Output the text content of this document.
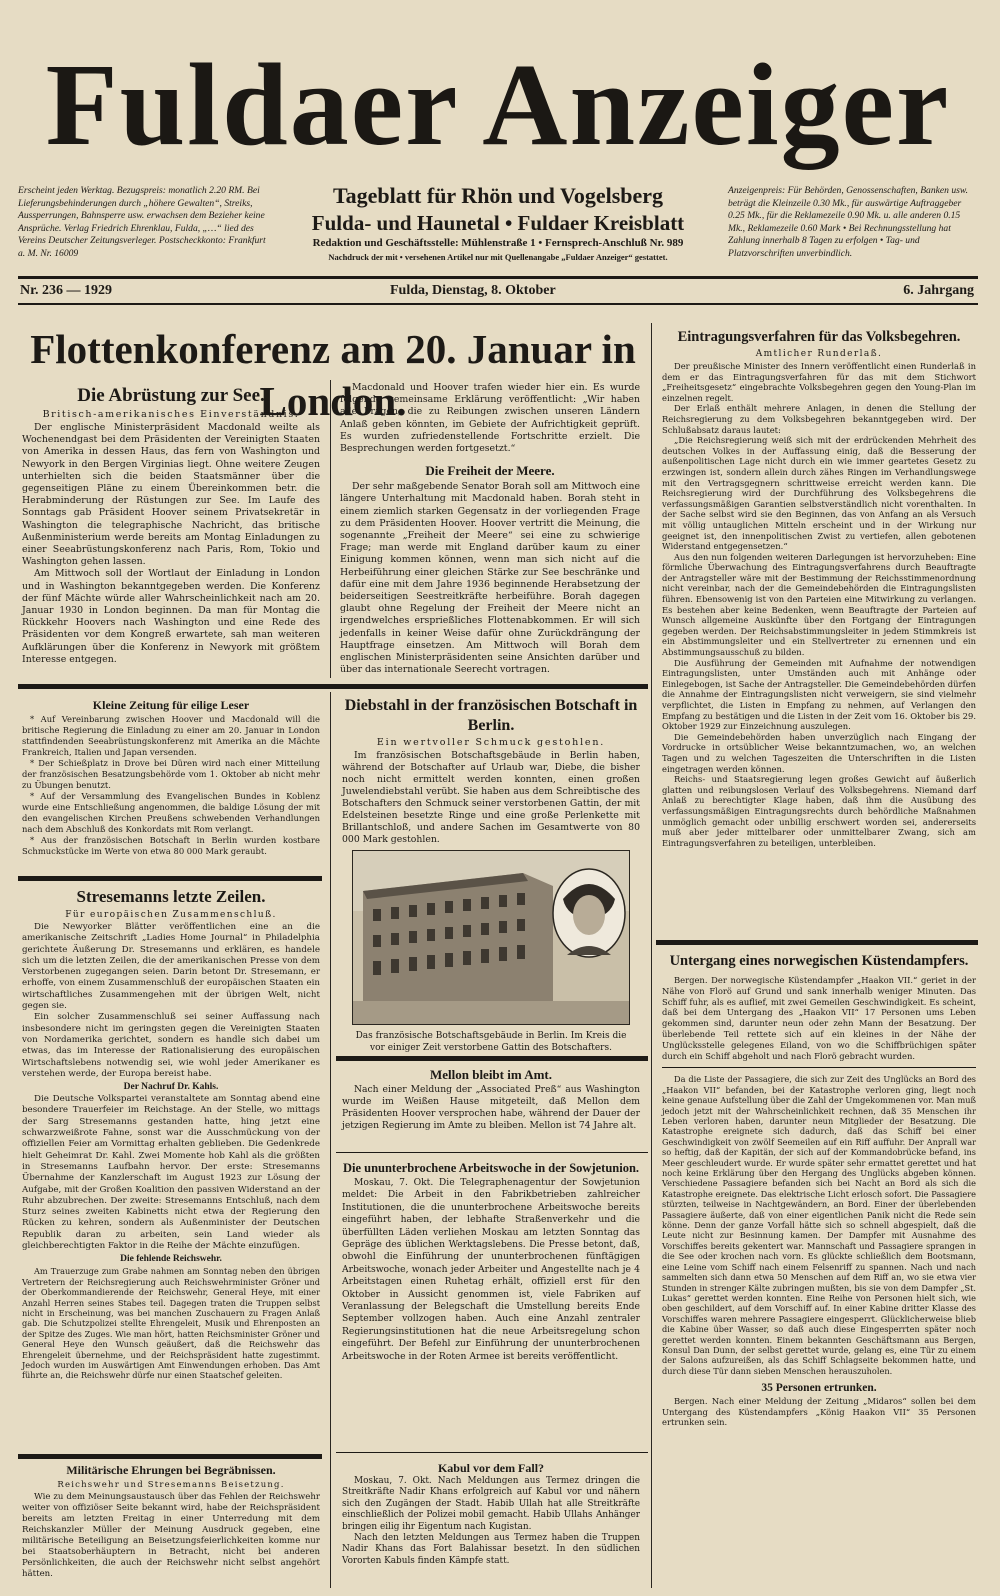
Fuldaer Anzeiger
Erscheint jeden Werktag. Bezugspreis: monatlich 2.20 RM. Bei Lieferungsbehinderungen durch „höhere Gewalten“, Streiks, Aussperrungen, Bahnsperre usw. erwachsen dem Bezieher keine Ansprüche. Verlag Friedrich Ehrenklau, Fulda, „…“ lied des Vereins Deutscher Zeitungsverleger. Postscheckkonto: Frankfurt a. M. Nr. 16009
Tageblatt für Rhön und Vogelsberg
Fulda- und Haunetal • Fuldaer Kreisblatt
Redaktion und Geschäftsstelle: Mühlenstraße 1 • Fernsprech-Anschluß Nr. 989
Nachdruck der mit • versehenen Artikel nur mit Quellenangabe „Fuldaer Anzeiger“ gestattet.
Anzeigenpreis: Für Behörden, Genossenschaften, Banken usw. beträgt die Kleinzeile 0.30 Mk., für auswärtige Auftraggeber 0.25 Mk., für die Reklamezeile 0.90 Mk. u. alle anderen 0.15 Mk., Reklamezeile 0.60 Mark • Bei Rechnungsstellung hat Zahlung innerhalb 8 Tagen zu erfolgen • Tag- und Platzvorschriften unverbindlich.
Nr. 236 — 1929	Fulda, Dienstag, 8. Oktober	6. Jahrgang
Flottenkonferenz am 20. Januar in London.
Die Abrüstung zur See.
Britisch-amerikanisches Einverständnis.

Der englische Ministerpräsident Macdonald weilte als Wochenendgast bei dem Präsidenten der Vereinigten Staaten von Amerika in dessen Haus, das fern von Washington und Newyork in den Bergen Virginias liegt. Ohne weitere Zeugen unterhielten sich die beiden Staatsmänner über die gegenseitigen Pläne zu einem Übereinkommen betr. die Herabminderung der Rüstungen zur See. Im Laufe des Sonntags gab Präsident Hoover seinem Privatsekretär in Washington die telegraphische Nachricht, das britische Außenministerium werde bereits am Montag Einladungen zu einer Seeabrüstungskonferenz nach Paris, Rom, Tokio und Washington gehen lassen.

Am Mittwoch soll der Wortlaut der Einladung in London und in Washington bekanntgegeben werden. Die Konferenz der fünf Mächte würde aller Wahrscheinlichkeit nach am 20. Januar 1930 in London beginnen. Da man für Montag die Rückkehr Hoovers nach Washington und eine Rede des Präsidenten vor dem Kongreß erwartete, sah man weiteren Aufklärungen über die Konferenz in Newyork mit größtem Interesse entgegen.

Macdonald und Hoover trafen wieder hier ein. Es wurde folgende gemeinsame Erklärung veröffentlicht: „Wir haben alle Fragen, die zu Reibungen zwischen unseren Ländern Anlaß geben könnten, im Gebiete der Aufrichtigkeit geprüft. Es wurden zufriedenstellende Fortschritte erzielt. Die Besprechungen werden fortgesetzt.“

Die Freiheit der Meere.

Der sehr maßgebende Senator Borah soll am Mittwoch eine längere Unterhaltung mit Macdonald haben. Borah steht in einem ziemlich starken Gegensatz in der vorliegenden Frage zu dem Präsidenten Hoover. Hoover vertritt die Meinung, die sogenannte „Freiheit der Meere“ sei eine zu schwierige Frage; man werde mit England darüber kaum zu einer Einigung kommen können, wenn man sich nicht auf die Herbeiführung einer gleichen Stärke zur See beschränke und dafür eine mit dem Jahre 1936 beginnende Herabsetzung der beiderseitigen Seestreitkräfte herbeiführe. Borah dagegen glaubt ohne Regelung der Freiheit der Meere nicht an irgendwelches ersprießliches Flottenabkommen. Er will sich jedenfalls in keiner Weise dafür ohne Zurückdrängung der Hauptfrage einsetzen. Am Mittwoch will Borah dem englischen Ministerpräsidenten seine Ansichten darüber und über das internationale Seerecht vortragen.

Kleine Zeitung für eilige Leser

* Auf Vereinbarung zwischen Hoover und Macdonald will die britische Regierung die Einladung zu einer am 20. Januar in London stattfindenden Seeabrüstungskonferenz mit Amerika an die Mächte Frankreich, Italien und Japan versenden.

* Der Schießplatz in Drove bei Düren wird nach einer Mitteilung der französischen Besatzungsbehörde vom 1. Oktober ab nicht mehr zu Übungen benutzt.

* Auf der Versammlung des Evangelischen Bundes in Koblenz wurde eine Entschließung angenommen, die baldige Lösung der mit den evangelischen Kirchen Preußens schwebenden Verhandlungen nach dem Abschluß des Konkordats mit Rom verlangt.

* Aus der französischen Botschaft in Berlin wurden kostbare Schmuckstücke im Werte von etwa 80 000 Mark geraubt.

Stresemanns letzte Zeilen.
Für europäischen Zusammenschluß.

Die Newyorker Blätter veröffentlichen eine an die amerikanische Zeitschrift „Ladies Home Journal“ in Philadelphia gerichtete Äußerung Dr. Stresemanns und erklären, es handele sich um die letzten Zeilen, die der amerikanischen Presse von dem Verstorbenen zugegangen seien. Darin betont Dr. Stresemann, er erhoffe, von einem Zusammenschluß der europäischen Staaten ein wirtschaftliches Zusammengehen mit der übrigen Welt, nicht gegen sie.

Ein solcher Zusammenschluß sei seiner Auffassung nach insbesondere nicht im geringsten gegen die Vereinigten Staaten von Nordamerika gerichtet, sondern es handle sich dabei um etwas, das im Interesse der Rationalisierung des europäischen Wirtschaftslebens notwendig sei, wie wohl jeder Amerikaner es verstehen werde, der Europa bereist habe.

Der Nachruf Dr. Kahls.

Die Deutsche Volkspartei veranstaltete am Sonntag abend eine besondere Trauerfeier im Reichstage. An der Stelle, wo mittags der Sarg Stresemanns gestanden hatte, hing jetzt eine schwarzweißrote Fahne, sonst war die Ausschmückung von der offiziellen Feier am Vormittag erhalten geblieben. Die Gedenkrede hielt Geheimrat Dr. Kahl. Zwei Momente hob Kahl als die größten in Stresemanns Laufbahn hervor. Der erste: Stresemanns Übernahme der Kanzlerschaft im August 1923 zur Lösung der Aufgabe, mit der Großen Koalition den passiven Widerstand an der Ruhr abzubrechen. Der zweite: Stresemanns Entschluß, nach dem Sturz seines zweiten Kabinetts nicht etwa der Regierung den Rücken zu kehren, sondern als Außenminister der Deutschen Republik daran zu arbeiten, sein Land wieder als gleichberechtigten Faktor in die Reihe der Mächte einzufügen.

Die fehlende Reichswehr.

Am Trauerzuge zum Grabe nahmen am Sonntag neben den übrigen Vertretern der Reichsregierung auch Reichswehrminister Gröner und der Oberkommandierende der Reichswehr, General Heye, mit einer Anzahl Herren seines Stabes teil. Dagegen traten die Truppen selbst nicht in Erscheinung, was bei manchen Zuschauern zu Fragen Anlaß gab. Die Schutzpolizei stellte Ehrengeleit, Musik und Ehrenposten an der Spitze des Zuges. Wie man hört, hatten Reichsminister Gröner und General Heye den Wunsch geäußert, daß die Reichswehr das Ehrengeleit übernehme, und der Reichspräsident hatte zugestimmt. Jedoch wurden im Auswärtigen Amt Einwendungen erhoben. Das Amt führte an, die Reichswehr dürfe nur einen Staatschef geleiten.

Militärische Ehrungen bei Begräbnissen.
Reichswehr und Stresemanns Beisetzung.

Wie zu dem Meinungsaustausch über das Fehlen der Reichswehr weiter von offiziöser Seite bekannt wird, habe der Reichspräsident bereits am letzten Freitag in einer Unterredung mit dem Reichskanzler Müller der Meinung Ausdruck gegeben, eine militärische Beteiligung an Beisetzungsfeierlichkeiten komme nur bei Staatsoberhäuptern in Betracht, nicht bei anderen Persönlichkeiten, die auch der Reichswehr nicht selbst angehört hätten.

Diebstahl in der französischen Botschaft in Berlin.
Ein wertvoller Schmuck gestohlen.

Im französischen Botschaftsgebäude in Berlin haben, während der Botschafter auf Urlaub war, Diebe, die bisher noch nicht ermittelt werden konnten, einen großen Juwelendiebstahl verübt. Sie haben aus dem Schreibtische des Botschafters den Schmuck seiner verstorbenen Gattin, der mit Edelsteinen besetzte Ringe und eine große Perlenkette mit Brillantschloß, und andere Sachen im Gesamtwerte von 80 000 Mark gestohlen.

Das französische Botschaftsgebäude in Berlin. Im Kreis die vor einiger Zeit verstorbene Gattin des Botschafters.
Mellon bleibt im Amt.

Nach einer Meldung der „Associated Preß“ aus Washington wurde im Weißen Hause mitgeteilt, daß Mellon dem Präsidenten Hoover versprochen habe, während der Dauer der jetzigen Regierung im Amte zu bleiben. Mellon ist 74 Jahre alt.

Die ununterbrochene Arbeitswoche in der Sowjetunion.

Moskau, 7. Okt. Die Telegraphenagentur der Sowjetunion meldet: Die Arbeit in den Fabrikbetrieben zahlreicher Institutionen, die die ununterbrochene Arbeitswoche bereits eingeführt haben, der lebhafte Straßenverkehr und die überfüllten Läden verliehen Moskau am letzten Sonntag das Gepräge des üblichen Werktagslebens. Die Presse betont, daß, obwohl die Einführung der ununterbrochenen fünftägigen Arbeitswoche, wonach jeder Arbeiter und Angestellte nach je 4 Arbeitstagen einen Ruhetag erhält, offiziell erst für den Oktober in Aussicht genommen ist, viele Fabriken auf Veranlassung der Belegschaft die Umstellung bereits Ende September vollzogen haben. Auch eine Anzahl zentraler Regierungsinstitutionen hat die neue Arbeitsregelung schon eingeführt. Der Befehl zur Einführung der ununterbrochenen Arbeitswoche in der Roten Armee ist bereits veröffentlicht.

Kabul vor dem Fall?

Moskau, 7. Okt. Nach Meldungen aus Termez dringen die Streitkräfte Nadir Khans erfolgreich auf Kabul vor und nähern sich den Zugängen der Stadt. Habib Ullah hat alle Streitkräfte einschließlich der Polizei mobil gemacht. Habib Ullahs Anhänger bringen eilig ihr Eigentum nach Kugistan.

Nach den letzten Meldungen aus Termez haben die Truppen Nadir Khans das Fort Balahissar besetzt. In den südlichen Vororten Kabuls finden Kämpfe statt.

Eintragungsverfahren für das Volksbegehren.
Amtlicher Runderlaß.

Der preußische Minister des Innern veröffentlicht einen Runderlaß in dem er das Eintragungsverfahren für das mit dem Stichwort „Freiheitsgesetz“ eingebrachte Volksbegehren gegen den Young-Plan im einzelnen regelt.

Der Erlaß enthält mehrere Anlagen, in denen die Stellung der Reichsregierung zu dem Volksbegehren bekanntgegeben wird. Der Schlußabsatz daraus lautet:

„Die Reichsregierung weiß sich mit der erdrückenden Mehrheit des deutschen Volkes in der Auffassung einig, daß die Besserung der außenpolitischen Lage nicht durch ein wie immer geartetes Gesetz zu erzwingen ist, sondern allein durch zähes Ringen im Verhandlungswege mit den Vertragsgegnern schrittweise erreicht werden kann. Die Reichsregierung wird der Durchführung des Volksbegehrens die verfassungsmäßigen Garantien selbstverständlich nicht vorenthalten. In der Sache selbst wird sie den Beginnen, das von Anfang an als Versuch mit völlig untauglichen Mitteln erscheint und in der Wirkung nur geeignet ist, den innenpolitischen Zwist zu vertiefen, allen gebotenen Widerstand entgegensetzen.“

Aus den nun folgenden weiteren Darlegungen ist hervorzuheben: Eine förmliche Überwachung des Eintragungsverfahrens durch Beauftragte der Antragsteller wäre mit der Bestimmung der Reichsstimmenordnung nicht vereinbar, nach der die Gemeindebehörden die Eintragungslisten führen. Ebensowenig ist von den Parteien eine Mitwirkung zu verlangen. Es bestehen aber keine Bedenken, wenn Beauftragte der Parteien auf Wunsch allgemeine Auskünfte über den Fortgang der Eintragungen gegeben werden. Der Reichsabstimmungsleiter in jedem Stimmkreis ist ein Abstimmungsleiter und ein Stellvertreter zu ernennen und ein Abstimmungsausschuß zu bilden.

Die Ausführung der Gemeinden mit Aufnahme der notwendigen Eintragungslisten, unter Umständen auch mit Anhänge oder Einlegebogen, ist Sache der Antragsteller. Die Gemeindebehörden dürfen die Annahme der Eintragungslisten nicht verweigern, sie sind vielmehr verpflichtet, die Listen in Empfang zu nehmen, auf Verlangen den Empfang zu bestätigen und die Listen in der Zeit vom 16. Oktober bis 29. Oktober 1929 zur Einzeichnung auszulegen.

Die Gemeindebehörden haben unverzüglich nach Eingang der Vordrucke in ortsüblicher Weise bekanntzumachen, wo, an welchen Tagen und zu welchen Tageszeiten die Unterschriften in die Listen eingetragen werden können.

Reichs- und Staatsregierung legen großes Gewicht auf äußerlich glatten und reibungslosen Verlauf des Volksbegehrens. Niemand darf Anlaß zu berechtigter Klage haben, daß ihm die Ausübung des verfassungsmäßigen Eintragungsrechts durch behördliche Maßnahmen unmöglich gemacht oder unbillig erschwert worden sei, andererseits muß aber jeder mittelbarer oder unmittelbarer Zwang, sich am Eintragungsverfahren zu beteiligen, unterbleiben.

Untergang eines norwegischen Küstendampfers.

Bergen. Der norwegische Küstendampfer „Haakon VII.“ geriet in der Nähe von Florö auf Grund und sank innerhalb weniger Minuten. Das Schiff fuhr, als es auflief, mit zwei Gemeilen Geschwindigkeit. Es scheint, daß bei dem Untergang des „Haakon VII“ 17 Personen ums Leben gekommen sind, darunter neun oder zehn Mann der Besatzung. Der überlebende Teil rettete sich auf ein kleines in der Nähe der Unglücksstelle gelegenes Eiland, von wo die Schiffbrüchigen später durch ein Schiff abgeholt und nach Florö gebracht wurden.

Da die Liste der Passagiere, die sich zur Zeit des Unglücks an Bord des „Haakon VII“ befanden, bei der Katastrophe verloren ging, liegt noch keine genaue Aufstellung über die Zahl der Umgekommenen vor. Man muß jedoch jetzt mit der Wahrscheinlichkeit rechnen, daß 35 Menschen ihr Leben verloren haben, darunter neun Mitglieder der Besatzung. Die Katastrophe ereignete sich dadurch, daß das Schiff bei einer Geschwindigkeit von zwölf Seemeilen auf ein Riff auffuhr. Der Anprall war so heftig, daß der Kapitän, der sich auf der Kommandobrücke befand, ins Meer geschleudert wurde. Er wurde später sehr ermattet gerettet und hat noch keine Erklärung über den Hergang des Unglücks abgeben können. Verschiedene Passagiere befanden sich bei Nacht an Bord als sich die Katastrophe ereignete. Das elektrische Licht erlosch sofort. Die Passagiere stürzten, teilweise in Nachtgewändern, an Bord. Einer der überlebenden Passagiere äußerte, daß von einer eigentlichen Panik nicht die Rede sein könne. Denn der ganze Vorfall hätte sich so schnell abgespielt, daß die Leute nicht zur Besinnung kamen. Der Dampfer mit Ausnahme des Vorschiffes bereits gekentert war. Mannschaft und Passagiere sprangen in die See oder krochen nach vorn. Es glückte schließlich dem Bootsmann, eine Leine vom Schiff nach einem Felsenriff zu spannen. Nach und nach sammelten sich dann etwa 50 Menschen auf dem Riff an, wo sie etwa vier Stunden in strenger Kälte zubringen mußten, bis sie von dem Dampfer „St. Lukas“ gerettet werden konnten. Eine Reihe von Personen hielt sich, wie oben geschildert, auf dem Vorschiff auf. In einer Kabine dritter Klasse des Vorschiffes waren mehrere Passagiere eingesperrt. Glücklicherweise blieb die Kabine über Wasser, so daß auch diese Eingesperrten später noch gerettet werden konnten. Einem bekannten Geschäftsmann aus Bergen, Konsul Dan Dunn, der selbst gerettet wurde, gelang es, eine Tür zu einem der Salons aufzureißen, als das Schiff Schlagseite bekommen hatte, und durch diese Tür dann sieben Menschen herauszuholen.

35 Personen ertrunken.

Bergen. Nach einer Meldung der Zeitung „Midaros“ sollen bei dem Untergang des Küstendampfers „König Haakon VII“ 35 Personen ertrunken sein.
